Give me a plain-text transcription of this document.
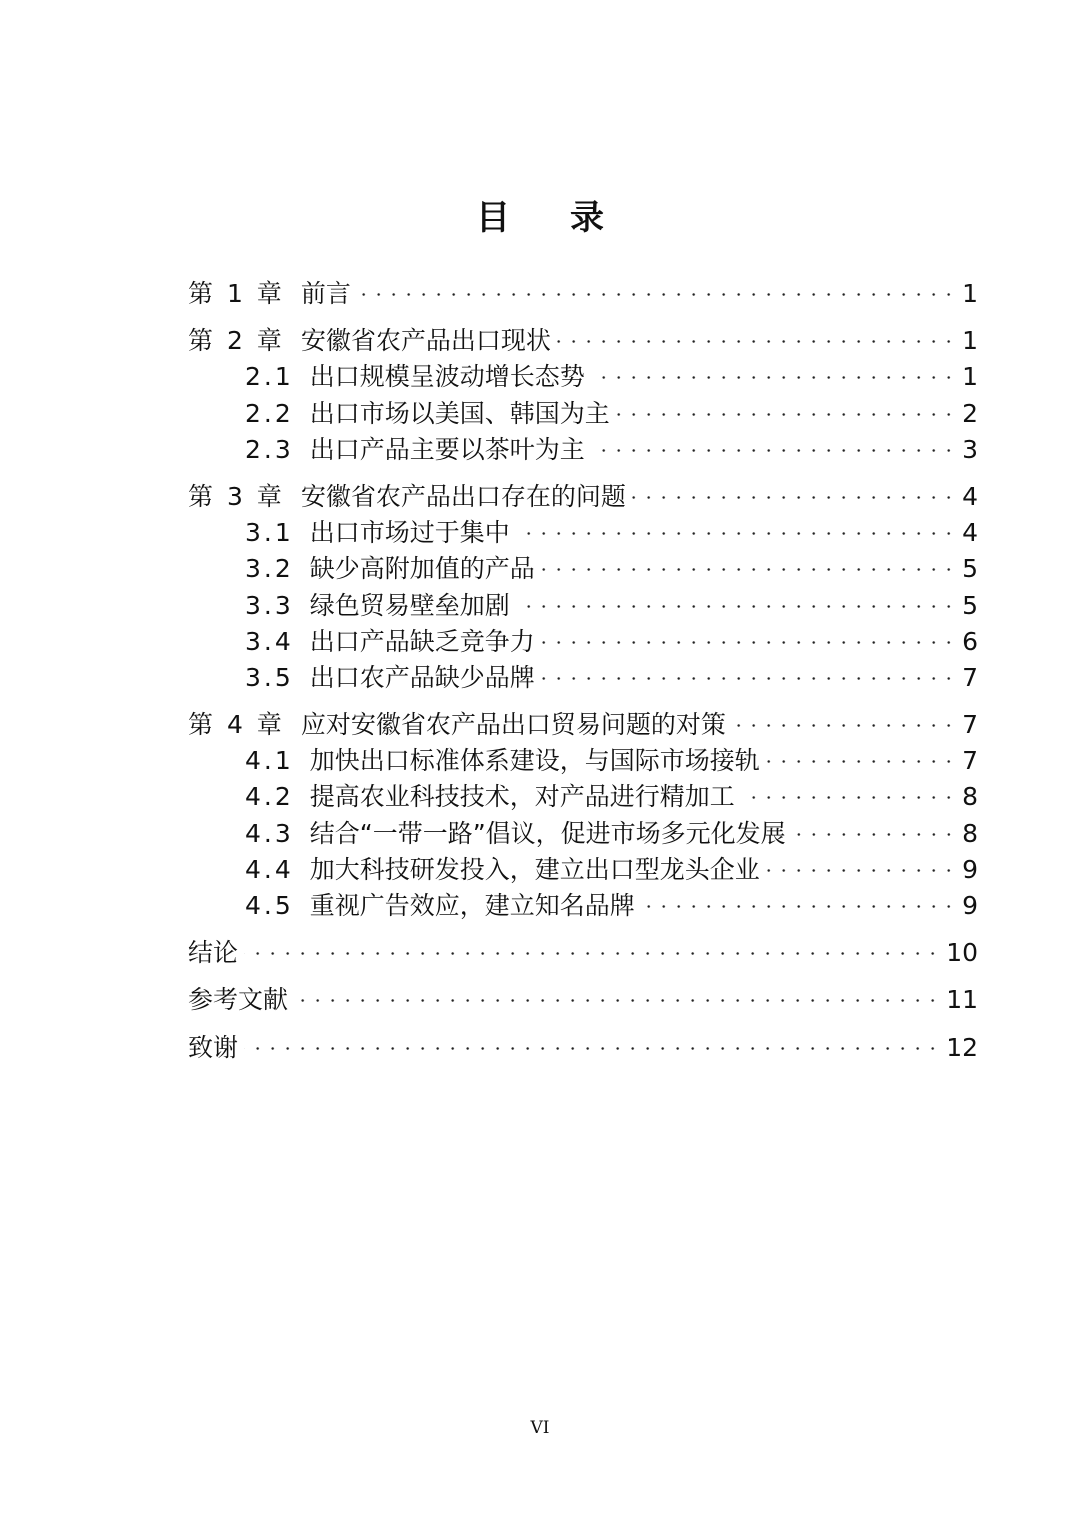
目 录
第 1 章 前言	1
第 2 章 安徽省农产品出口现状	1
2.1 出口规模呈波动增长态势	1
2.2 出口市场以美国、韩国为主	2
2.3 出口产品主要以茶叶为主	3
第 3 章 安徽省农产品出口存在的问题	4
3.1 出口市场过于集中	4
3.2 缺少高附加值的产品	5
3.3 绿色贸易壁垒加剧	5
3.4 出口产品缺乏竞争力	6
3.5 出口农产品缺少品牌	7
第 4 章 应对安徽省农产品出口贸易问题的对策	7
4.1 加快出口标准体系建设，与国际市场接轨	7
4.2 提高农业科技技术，对产品进行精加工	8
4.3 结合“一带一路”倡议，促进市场多元化发展	8
4.4 加大科技研发投入，建立出口型龙头企业	9
4.5 重视广告效应，建立知名品牌	9
结论	10
参考文献	11
致谢	12
VI
